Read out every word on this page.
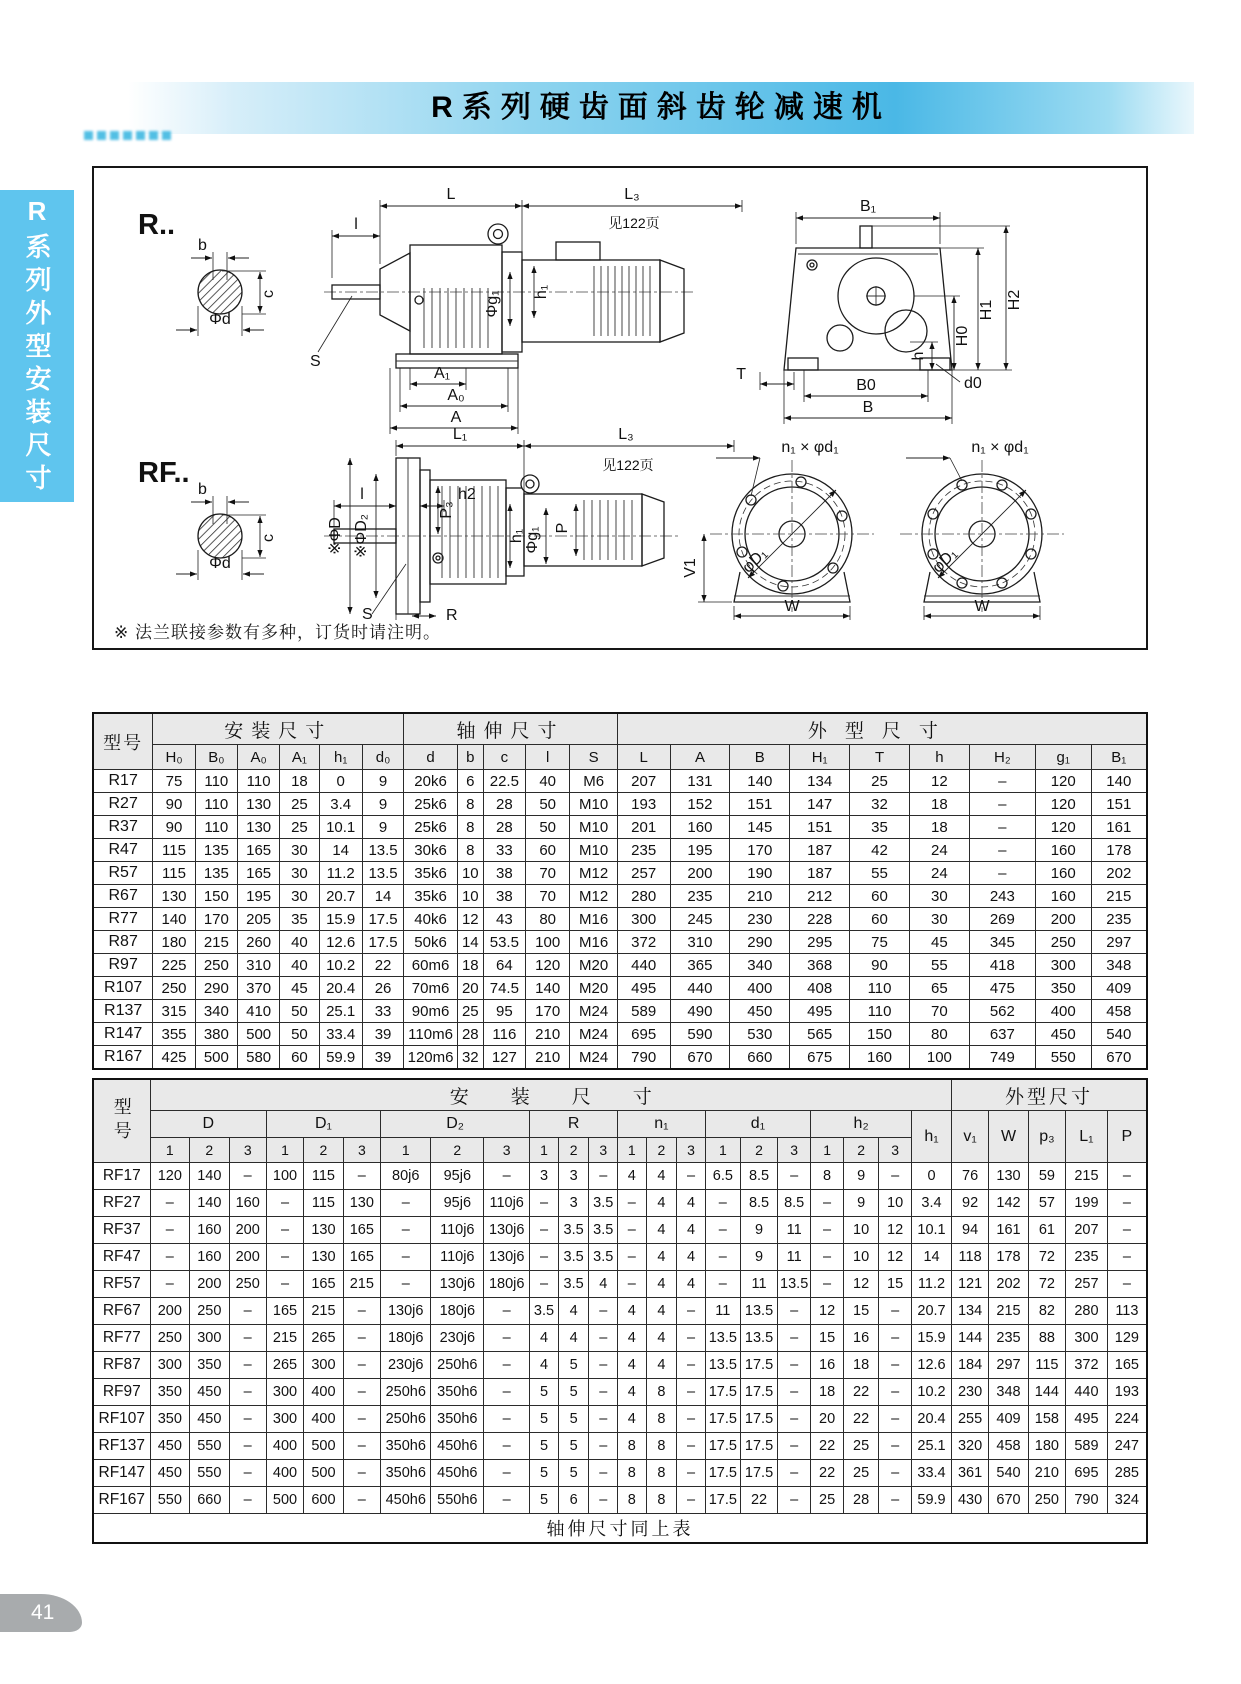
R系列硬齿面斜齿轮减速机
R系列外型安装尺寸	R..
b
c
Φd
L	L₃
见122页
l
h₁
Φg₁
S
A₁
A₀
A
B₁
H2
H1
H0
h
T
d0
B0
B
RF..
b
c
Φd
L₁	L₃
见122页
l	h2
※ΦD ※ΦD₂
P₃
h₁ Φg₁ P
S	R
n₁ × φd₁
φD₁
V1
W
n₁ × φd₁
φD₁
W
※ 法兰联接参数有多种，订货时请注明。
型号	安装尺寸						轴伸尺寸					外型尺寸								
	H₀	B₀	A₀	A₁	h₁	d₀	d	b	c	l	S	L	A	B	H₁	T	h	H₂	g₁	B₁
R17	75	110	110	18	0	9	20k6	6	22.5	40	M6	207	131	140	134	25	12	–	120	140
R27	90	110	130	25	3.4	9	25k6	8	28	50	M10	193	152	151	147	32	18	–	120	151
R37	90	110	130	25	10.1	9	25k6	8	28	50	M10	201	160	145	151	35	18	–	120	161
R47	115	135	165	30	14	13.5	30k6	8	33	60	M10	235	195	170	187	42	24	–	160	178
R57	115	135	165	30	11.2	13.5	35k6	10	38	70	M12	257	200	190	187	55	24	–	160	202
R67	130	150	195	30	20.7	14	35k6	10	38	70	M12	280	235	210	212	60	30	243	160	215
R77	140	170	205	35	15.9	17.5	40k6	12	43	80	M16	300	245	230	228	60	30	269	200	235
R87	180	215	260	40	12.6	17.5	50k6	14	53.5	100	M16	372	310	290	295	75	45	345	250	297
R97	225	250	310	40	10.2	22	60m6	18	64	120	M20	440	365	340	368	90	55	418	300	348
R107	250	290	370	45	20.4	26	70m6	20	74.5	140	M20	495	440	400	408	110	65	475	350	409
R137	315	340	410	50	25.1	33	90m6	25	95	170	M24	589	490	450	495	110	70	562	400	458
R147	355	380	500	50	33.4	39	110m6	28	116	210	M24	695	590	530	565	150	80	637	450	540
R167	425	500	580	60	59.9	39	120m6	32	127	210	M24	790	670	660	675	160	100	749	550	670
型号	安装尺寸																						外型尺寸				
	D			D₁			D₂			R			n₁			d₁			h₂			h₁	v₁	W	p₃	L₁	P
	1	2	3	1	2	3	1	2	3	1	2	3	1	2	3	1	2	3	1	2	3						
RF17	120	140	–	100	115	–	80j6	95j6	–	3	3	–	4	4	–	6.5	8.5	–	8	9	–	0	76	130	59	215	–
RF27	–	140	160	–	115	130	–	95j6	110j6	–	3	3.5	–	4	4	–	8.5	8.5	–	9	10	3.4	92	142	57	199	–
RF37	–	160	200	–	130	165	–	110j6	130j6	–	3.5	3.5	–	4	4	–	9	11	–	10	12	10.1	94	161	61	207	–
RF47	–	160	200	–	130	165	–	110j6	130j6	–	3.5	3.5	–	4	4	–	9	11	–	10	12	14	118	178	72	235	–
RF57	–	200	250	–	165	215	–	130j6	180j6	–	3.5	4	–	4	4	–	11	13.5	–	12	15	11.2	121	202	72	257	–
RF67	200	250	–	165	215	–	130j6	180j6	–	3.5	4	–	4	4	–	11	13.5	–	12	15	–	20.7	134	215	82	280	113
RF77	250	300	–	215	265	–	180j6	230j6	–	4	4	–	4	4	–	13.5	13.5	–	15	16	–	15.9	144	235	88	300	129
RF87	300	350	–	265	300	–	230j6	250h6	–	4	5	–	4	4	–	13.5	17.5	–	16	18	–	12.6	184	297	115	372	165
RF97	350	450	–	300	400	–	250h6	350h6	–	5	5	–	4	8	–	17.5	17.5	–	18	22	–	10.2	230	348	144	440	193
RF107	350	450	–	300	400	–	250h6	350h6	–	5	5	–	4	8	–	17.5	17.5	–	20	22	–	20.4	255	409	158	495	224
RF137	450	550	–	400	500	–	350h6	450h6	–	5	5	–	8	8	–	17.5	17.5	–	22	25	–	25.1	320	458	180	589	247
RF147	450	550	–	400	500	–	350h6	450h6	–	5	5	–	8	8	–	17.5	17.5	–	22	25	–	33.4	361	540	210	695	285
RF167	550	660	–	500	600	–	450h6	550h6	–	5	6	–	8	8	–	17.5	22	–	25	28	–	59.9	430	670	250	790	324
轴伸尺寸同上表																											
41
